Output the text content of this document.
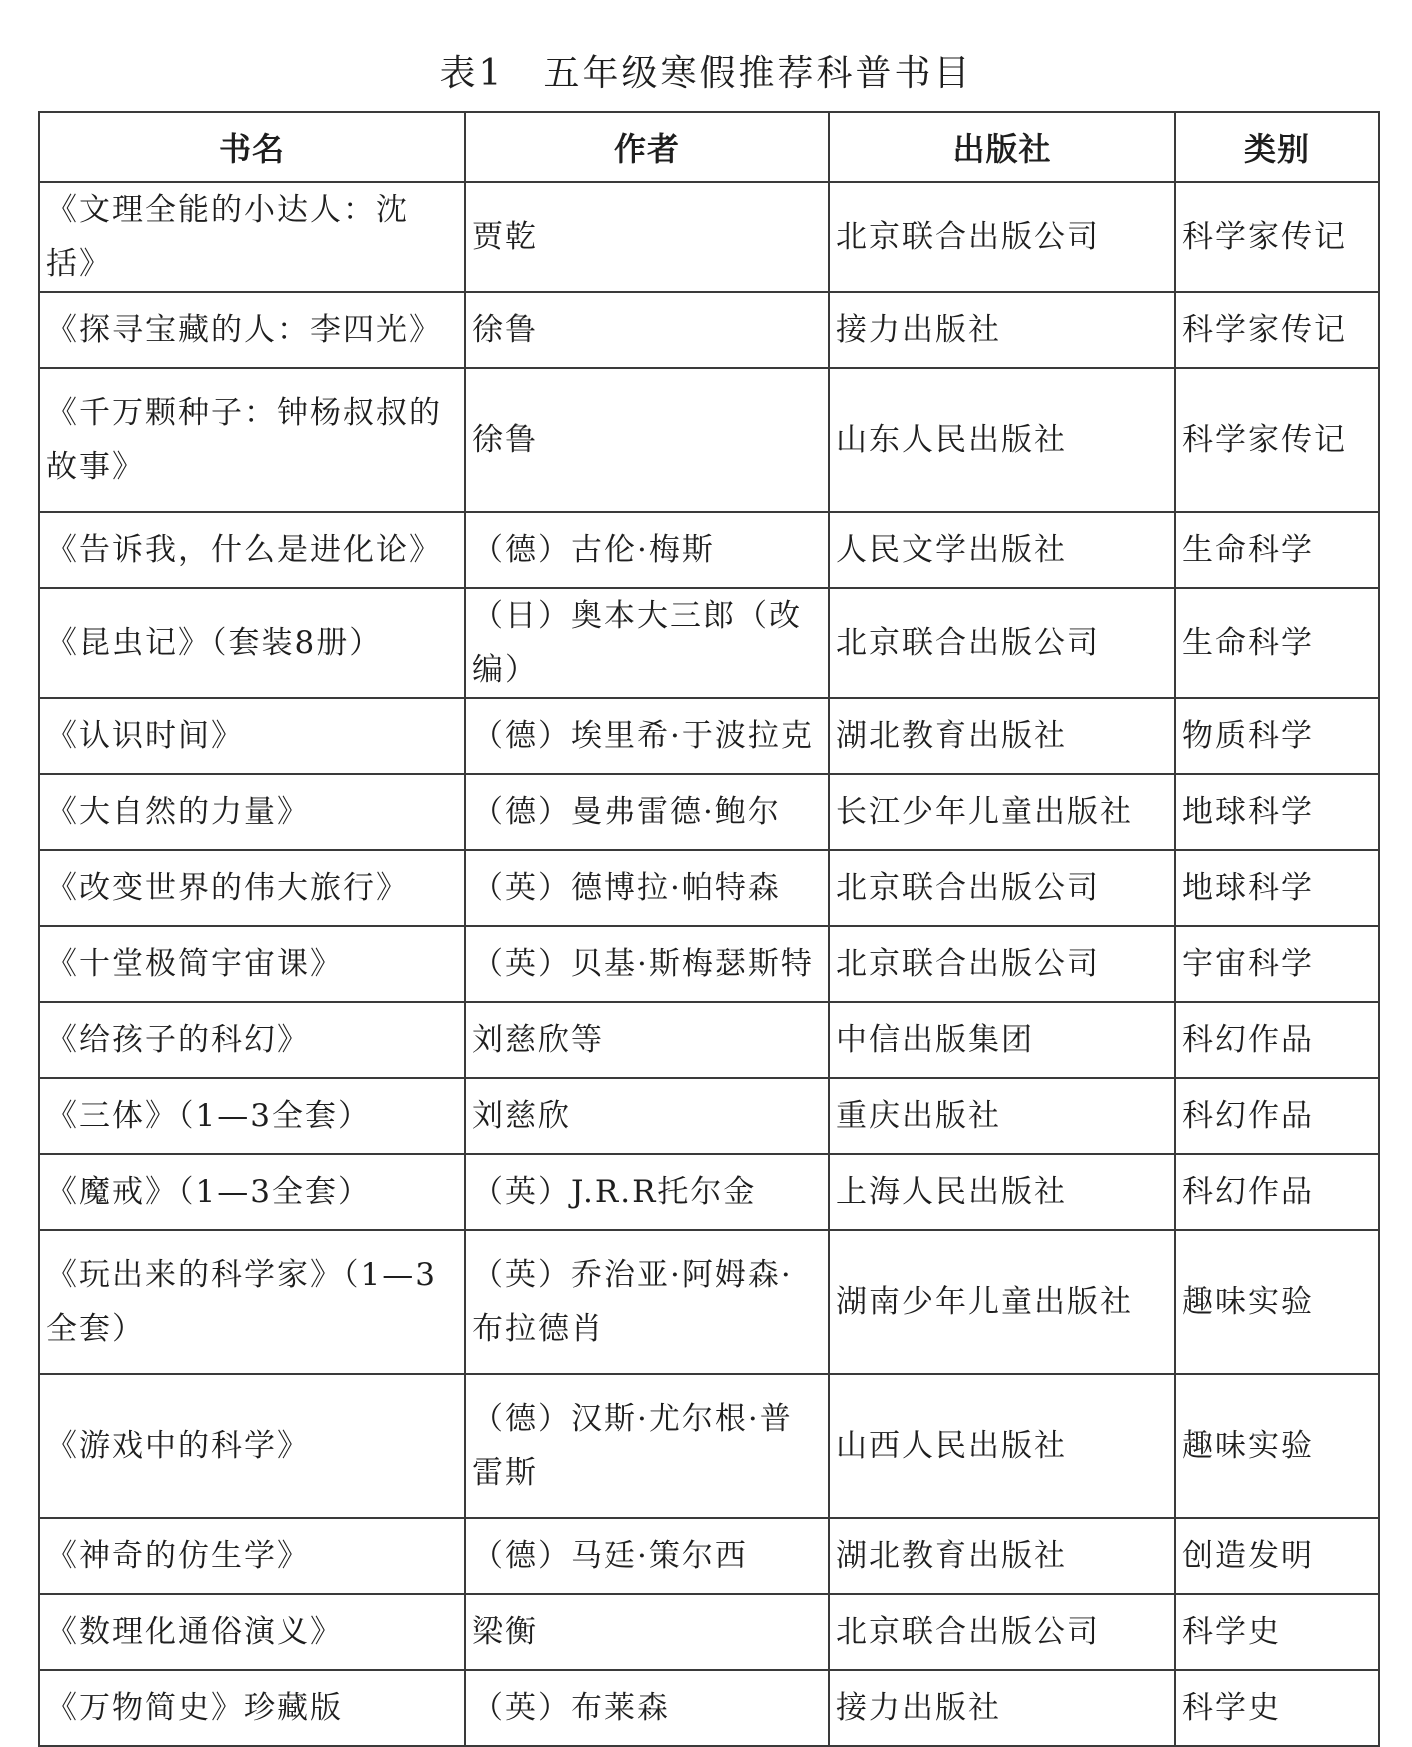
表1　五年级寒假推荐科普书目
书名	作者	出版社	类别
《文理全能的小达人：沈括》	贾乾	北京联合出版公司	科学家传记
《探寻宝藏的人：李四光》	徐鲁	接力出版社	科学家传记
《千万颗种子：钟杨叔叔的故事》	徐鲁	山东人民出版社	科学家传记
《告诉我，什么是进化论》	（德）古伦·梅斯	人民文学出版社	生命科学
《昆虫记》（套装8册）	（日）奥本大三郎（改编）	北京联合出版公司	生命科学
《认识时间》	（德）埃里希·于波拉克	湖北教育出版社	物质科学
《大自然的力量》	（德）曼弗雷德·鲍尔	长江少年儿童出版社	地球科学
《改变世界的伟大旅行》	（英）德博拉·帕特森	北京联合出版公司	地球科学
《十堂极简宇宙课》	（英）贝基·斯梅瑟斯特	北京联合出版公司	宇宙科学
《给孩子的科幻》	刘慈欣等	中信出版集团	科幻作品
《三体》（1—3全套）	刘慈欣	重庆出版社	科幻作品
《魔戒》（1—3全套）	（英）J.R.R托尔金	上海人民出版社	科幻作品
《玩出来的科学家》（1—3全套）	（英）乔治亚·阿姆森·布拉德肖	湖南少年儿童出版社	趣味实验
《游戏中的科学》	（德）汉斯·尤尔根·普雷斯	山西人民出版社	趣味实验
《神奇的仿生学》	（德）马廷·策尔西	湖北教育出版社	创造发明
《数理化通俗演义》	梁衡	北京联合出版公司	科学史
《万物简史》珍藏版	（英）布莱森	接力出版社	科学史
